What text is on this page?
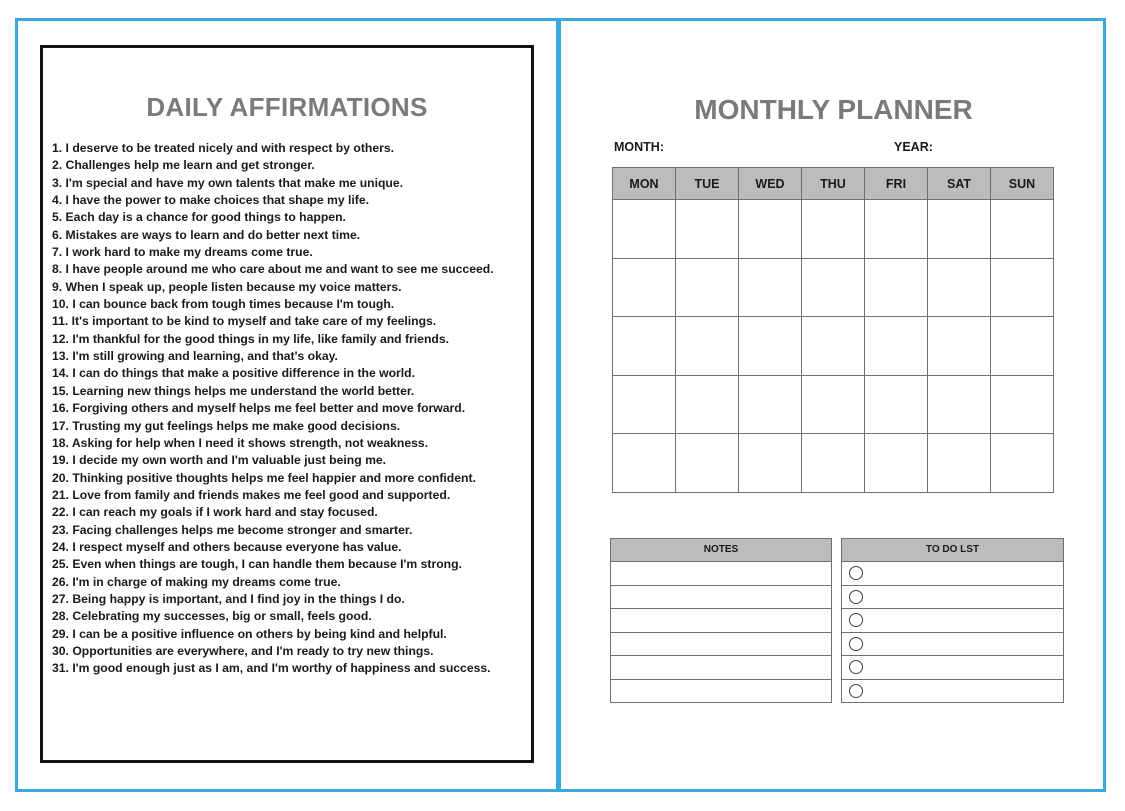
DAILY AFFIRMATIONS
1. I deserve to be treated nicely and with respect by others.
2. Challenges help me learn and get stronger.
3. I'm special and have my own talents that make me unique.
4. I have the power to make choices that shape my life.
5. Each day is a chance for good things to happen.
6. Mistakes are ways to learn and do better next time.
7. I work hard to make my dreams come true.
8. I have people around me who care about me and want to see me succeed.
9. When I speak up, people listen because my voice matters.
10. I can bounce back from tough times because I'm tough.
11. It's important to be kind to myself and take care of my feelings.
12. I'm thankful for the good things in my life, like family and friends.
13. I'm still growing and learning, and that's okay.
14. I can do things that make a positive difference in the world.
15. Learning new things helps me understand the world better.
16. Forgiving others and myself helps me feel better and move forward.
17. Trusting my gut feelings helps me make good decisions.
18. Asking for help when I need it shows strength, not weakness.
19. I decide my own worth and I'm valuable just being me.
20. Thinking positive thoughts helps me feel happier and more confident.
21. Love from family and friends makes me feel good and supported.
22. I can reach my goals if I work hard and stay focused.
23. Facing challenges helps me become stronger and smarter.
24. I respect myself and others because everyone has value.
25. Even when things are tough, I can handle them because I'm strong.
26. I'm in charge of making my dreams come true.
27. Being happy is important, and I find joy in the things I do.
28. Celebrating my successes, big or small, feels good.
29. I can be a positive influence on others by being kind and helpful.
30. Opportunities are everywhere, and I'm ready to try new things.
31. I'm good enough just as I am, and I'm worthy of happiness and success.
MONTHLY PLANNER
MONTH:	YEAR:
MON	TUE	WED	THU	FRI	SAT	SUN

NOTES	TO DO LST
